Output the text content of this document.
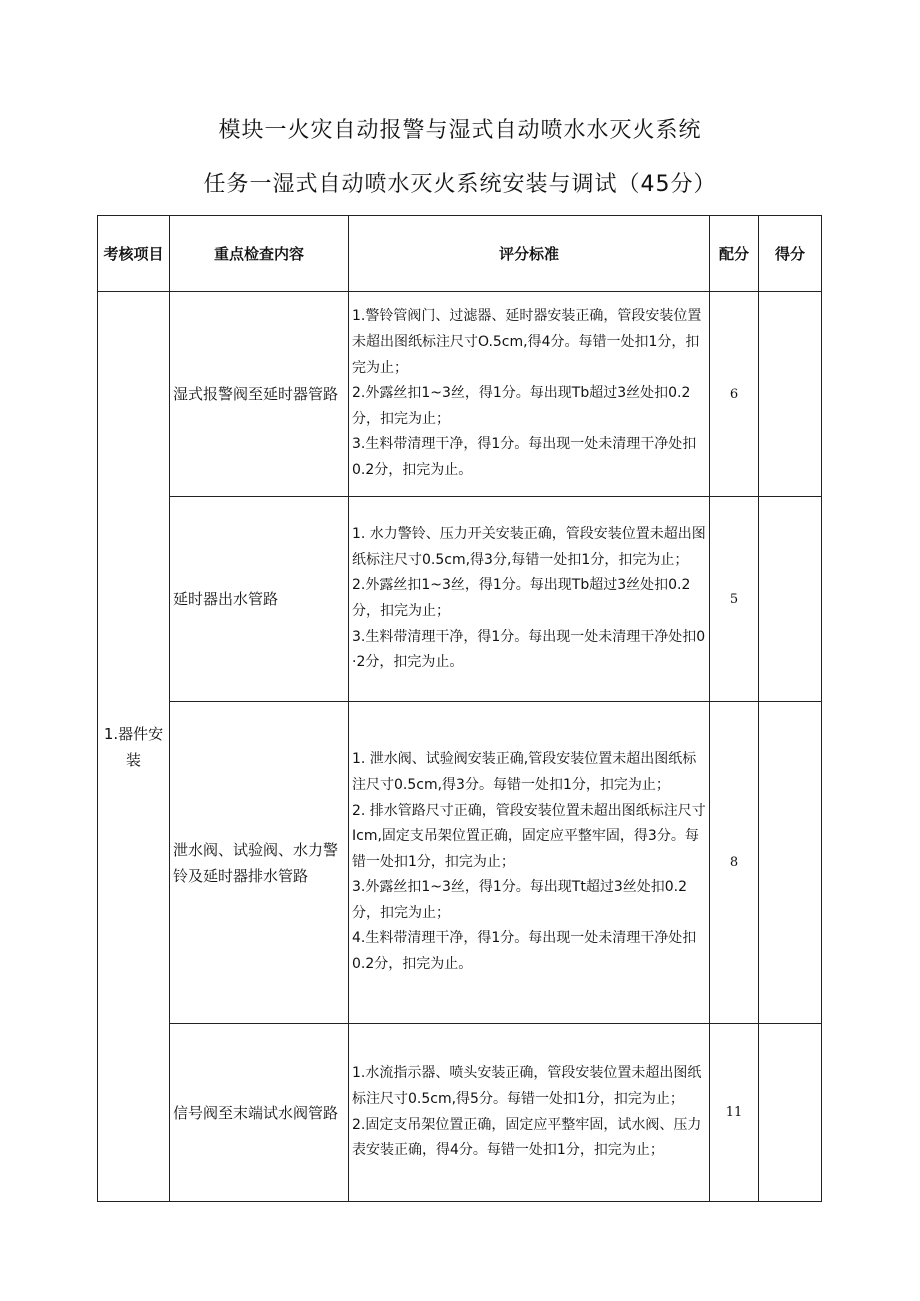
模块一火灾自动报警与湿式自动喷水水灭火系统
任务一湿式自动喷水灭火系统安装与调试（45分）
考核项目	重点检查内容	评分标准	配分	得分
1.器件安装	湿式报警阀至延时器管路	1.警铃管阀门、过滤器、延时器安装正确，管段安装位置未超出图纸标注尺寸O.5cm,得4分。每错一处扣1分，扣完为止；
2.外露丝扣1~3丝，得1分。每出现Tb超过3丝处扣0.2分，扣完为止；
3.生料带清理干净，得1分。每出现一处未清理干净处扣0.2分，扣完为止。	6	
	延时器出水管路	1. 水力警铃、压力开关安装正确，管段安装位置未超出图纸标注尺寸0.5cm,得3分,每错一处扣1分，扣完为止；
2.外露丝扣1~3丝，得1分。每出现Tb超过3丝处扣0.2分，扣完为止；
3.生料带清理干净，得1分。每出现一处未清理干净处扣0·2分，扣完为止。	5	
	泄水阀、试验阀、水力警铃及延时器排水管路	1. 泄水阀、试验阀安装正确,管段安装位置未超出图纸标注尺寸0.5cm,得3分。每错一处扣1分，扣完为止；
2. 排水管路尺寸正确，管段安装位置未超出图纸标注尺寸Icm,固定支吊架位置正确，固定应平整牢固，得3分。每错一处扣1分，扣完为止；
3.外露丝扣1~3丝，得1分。每出现Tt超过3丝处扣0.2分，扣完为止；
4.生料带清理干净，得1分。每出现一处未清理干净处扣0.2分，扣完为止。	8	
	信号阀至末端试水阀管路	1.水流指示器、喷头安装正确，管段安装位置未超出图纸标注尺寸0.5cm,得5分。每错一处扣1分，扣完为止；
2.固定支吊架位置正确，固定应平整牢固，试水阀、压力表安装正确，得4分。每错一处扣1分，扣完为止；	11	
